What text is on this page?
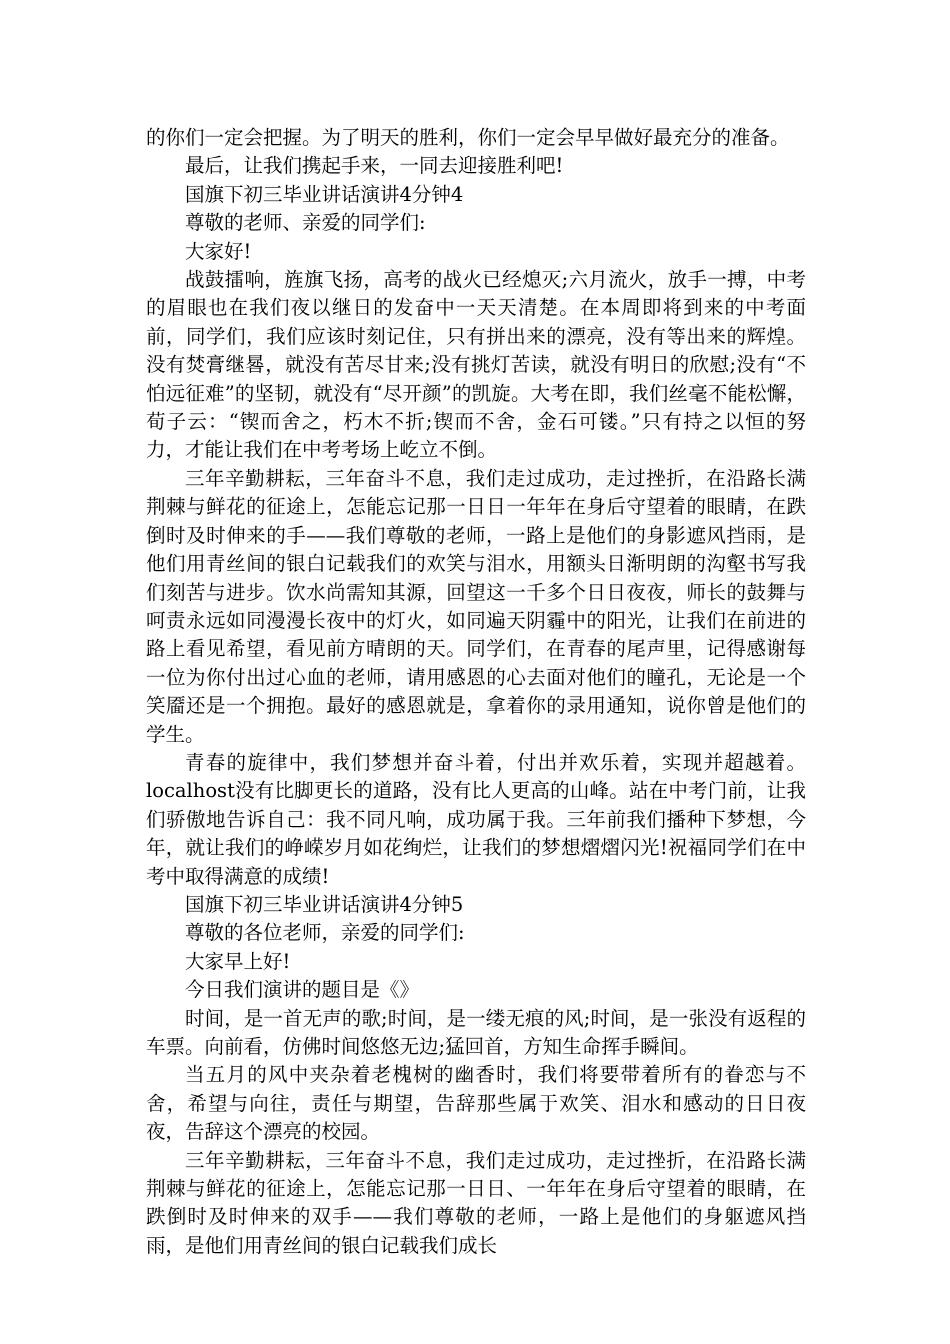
的你们一定会把握。为了明天的胜利，你们一定会早早做好最充分的准备。

最后，让我们携起手来，一同去迎接胜利吧!

国旗下初三毕业讲话演讲4分钟4

尊敬的老师、亲爱的同学们:

大家好!

战鼓擂响，旌旗飞扬，高考的战火已经熄灭;六月流火，放手一搏，中考的眉眼也在我们夜以继日的发奋中一天天清楚。在本周即将到来的中考面前，同学们，我们应该时刻记住，只有拼出来的漂亮，没有等出来的辉煌。没有焚膏继晷，就没有苦尽甘来;没有挑灯苦读，就没有明日的欣慰;没有“不怕远征难”的坚韧，就没有“尽开颜”的凯旋。大考在即，我们丝毫不能松懈，荀子云：“锲而舍之，朽木不折;锲而不舍，金石可镂。”只有持之以恒的努力，才能让我们在中考考场上屹立不倒。

三年辛勤耕耘，三年奋斗不息，我们走过成功，走过挫折，在沿路长满荆棘与鲜花的征途上，怎能忘记那一日日一年年在身后守望着的眼睛，在跌倒时及时伸来的手——我们尊敬的老师，一路上是他们的身影遮风挡雨，是他们用青丝间的银白记载我们的欢笑与泪水，用额头日渐明朗的沟壑书写我们刻苦与进步。饮水尚需知其源，回望这一千多个日日夜夜，师长的鼓舞与呵责永远如同漫漫长夜中的灯火，如同遍天阴霾中的阳光，让我们在前进的路上看见希望，看见前方晴朗的天。同学们，在青春的尾声里，记得感谢每一位为你付出过心血的老师，请用感恩的心去面对他们的瞳孔，无论是一个笑靥还是一个拥抱。最好的感恩就是，拿着你的录用通知，说你曾是他们的学生。

青春的旋律中，我们梦想并奋斗着，付出并欢乐着，实现并超越着。localhost没有比脚更长的道路，没有比人更高的山峰。站在中考门前，让我们骄傲地告诉自己：我不同凡响，成功属于我。三年前我们播种下梦想，今年，就让我们的峥嵘岁月如花绚烂，让我们的梦想熠熠闪光!祝福同学们在中考中取得满意的成绩!

国旗下初三毕业讲话演讲4分钟5

尊敬的各位老师，亲爱的同学们:

大家早上好!

今日我们演讲的题目是《》

时间，是一首无声的歌;时间，是一缕无痕的风;时间，是一张没有返程的车票。向前看，仿佛时间悠悠无边;猛回首，方知生命挥手瞬间。

当五月的风中夹杂着老槐树的幽香时，我们将要带着所有的眷恋与不舍，希望与向往，责任与期望，告辞那些属于欢笑、泪水和感动的日日夜夜，告辞这个漂亮的校园。

三年辛勤耕耘，三年奋斗不息，我们走过成功，走过挫折，在沿路长满荆棘与鲜花的征途上，怎能忘记那一日日、一年年在身后守望着的眼睛，在跌倒时及时伸来的双手——我们尊敬的老师，一路上是他们的身躯遮风挡雨，是他们用青丝间的银白记载我们成长
